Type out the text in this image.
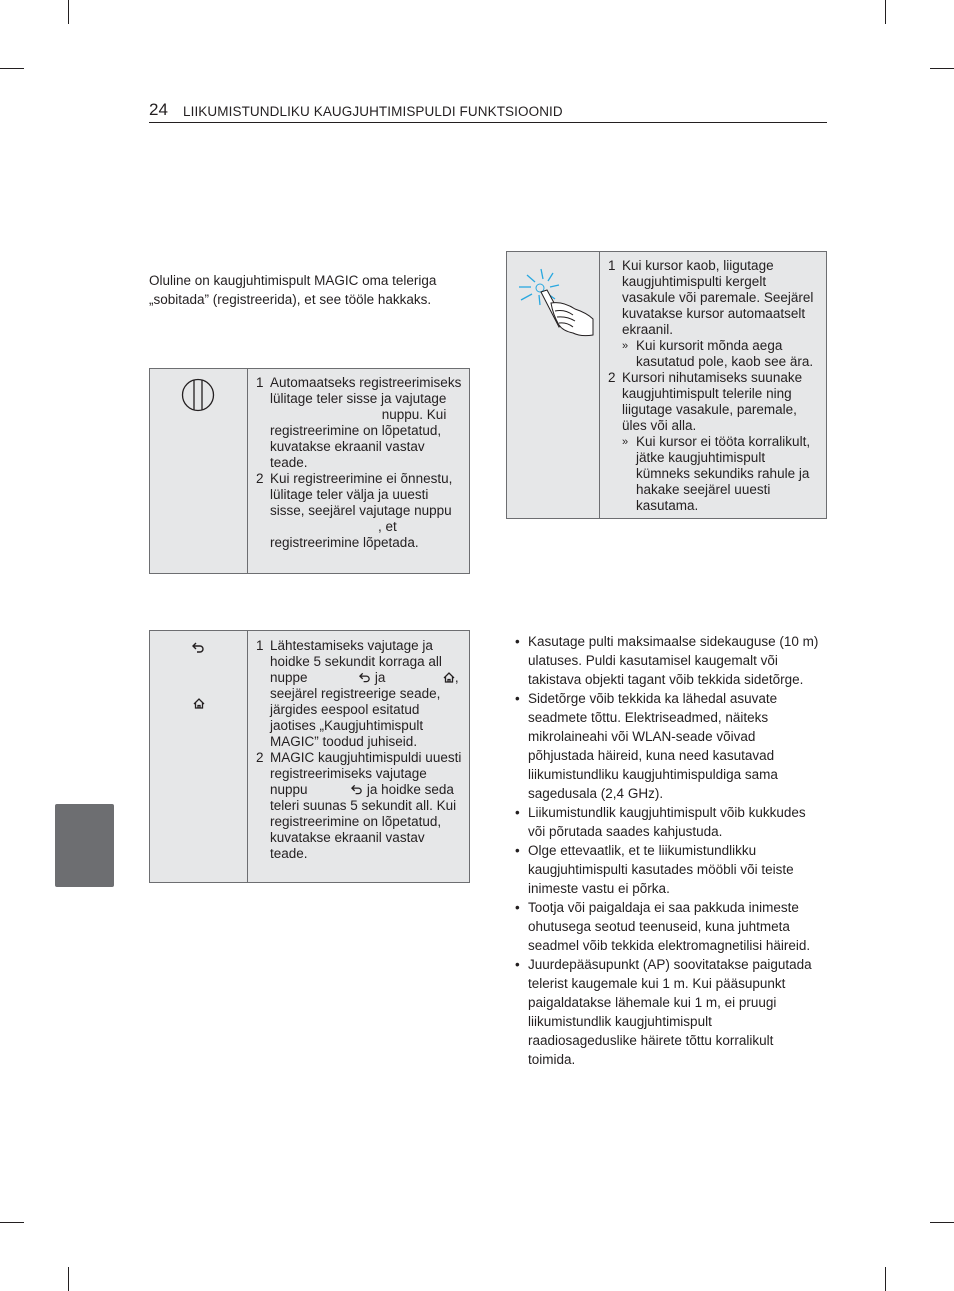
24 LIIKUMISTUNDLIKU KAUGJUHTIMISPULDI FUNKTSIOONID

Oluline on kaugjuhtimispult MAGIC oma teleriga „sobitada” (registreerida), et see tööle hakkaks.

1 Automaatseks registreerimiseks lülitage teler sisse ja vajutage  nuppu. Kui registreerimine on lõpetatud, kuvatakse ekraanil vastav teade.
2 Kui registreerimine ei õnnestu, lülitage teler välja ja uuesti sisse, seejärel vajutage nuppu , et registreerimine lõpetada.
1 Lähtestamiseks vajutage ja hoidke 5 sekundit korraga all nuppe	ja	, seejärel registreerige seade, järgides eespool esitatud jaotises „Kaugjuhtimispult MAGIC” toodud juhiseid.
2 MAGIC kaugjuhtimispuldi uuesti registreerimiseks vajutage nuppu	ja hoidke seda teleri suunas 5 sekundit all. Kui registreerimine on lõpetatud, kuvatakse ekraanil vastav teade.
1 Kui kursor kaob, liigutage kaugjuhtimispulti kergelt vasakule või paremale. Seejärel kuvatakse kursor automaatselt ekraanil.
» Kui kursorit mõnda aega kasutatud pole, kaob see ära.
2 Kursori nihutamiseks suunake kaugjuhtimispult telerile ning liigutage vasakule, paremale, üles või alla.
» Kui kursor ei tööta korralikult, jätke kaugjuhtimispult kümneks sekundiks rahule ja hakake seejärel uuesti kasutama.
• Kasutage pulti maksimaalse sidekauguse (10 m) ulatuses. Puldi kasutamisel kaugemalt või takistava objekti tagant võib tekkida sidetõrge.
• Sidetõrge võib tekkida ka lähedal asuvate seadmete tõttu. Elektriseadmed, näiteks mikrolaineahi või WLAN-seade võivad põhjustada häireid, kuna need kasutavad liikumistundliku kaugjuhtimispuldiga sama sagedusala (2,4 GHz).
• Liikumistundlik kaugjuhtimispult võib kukkudes või põrutada saades kahjustuda.
• Olge ettevaatlik, et te liikumistundlikku kaugjuhtimispulti kasutades mööbli või teiste inimeste vastu ei põrka.
• Tootja või paigaldaja ei saa pakkuda inimeste ohutusega seotud teenuseid, kuna juhtmeta seadmel võib tekkida elektromagnetilisi häireid.
• Juurdepääsupunkt (AP) soovitatakse paigutada telerist kaugemale kui 1 m. Kui pääsupunkt paigaldatakse lähemale kui 1 m, ei pruugi liikumistundlik kaugjuhtimispult raadiosageduslike häirete tõttu korralikult toimida.
